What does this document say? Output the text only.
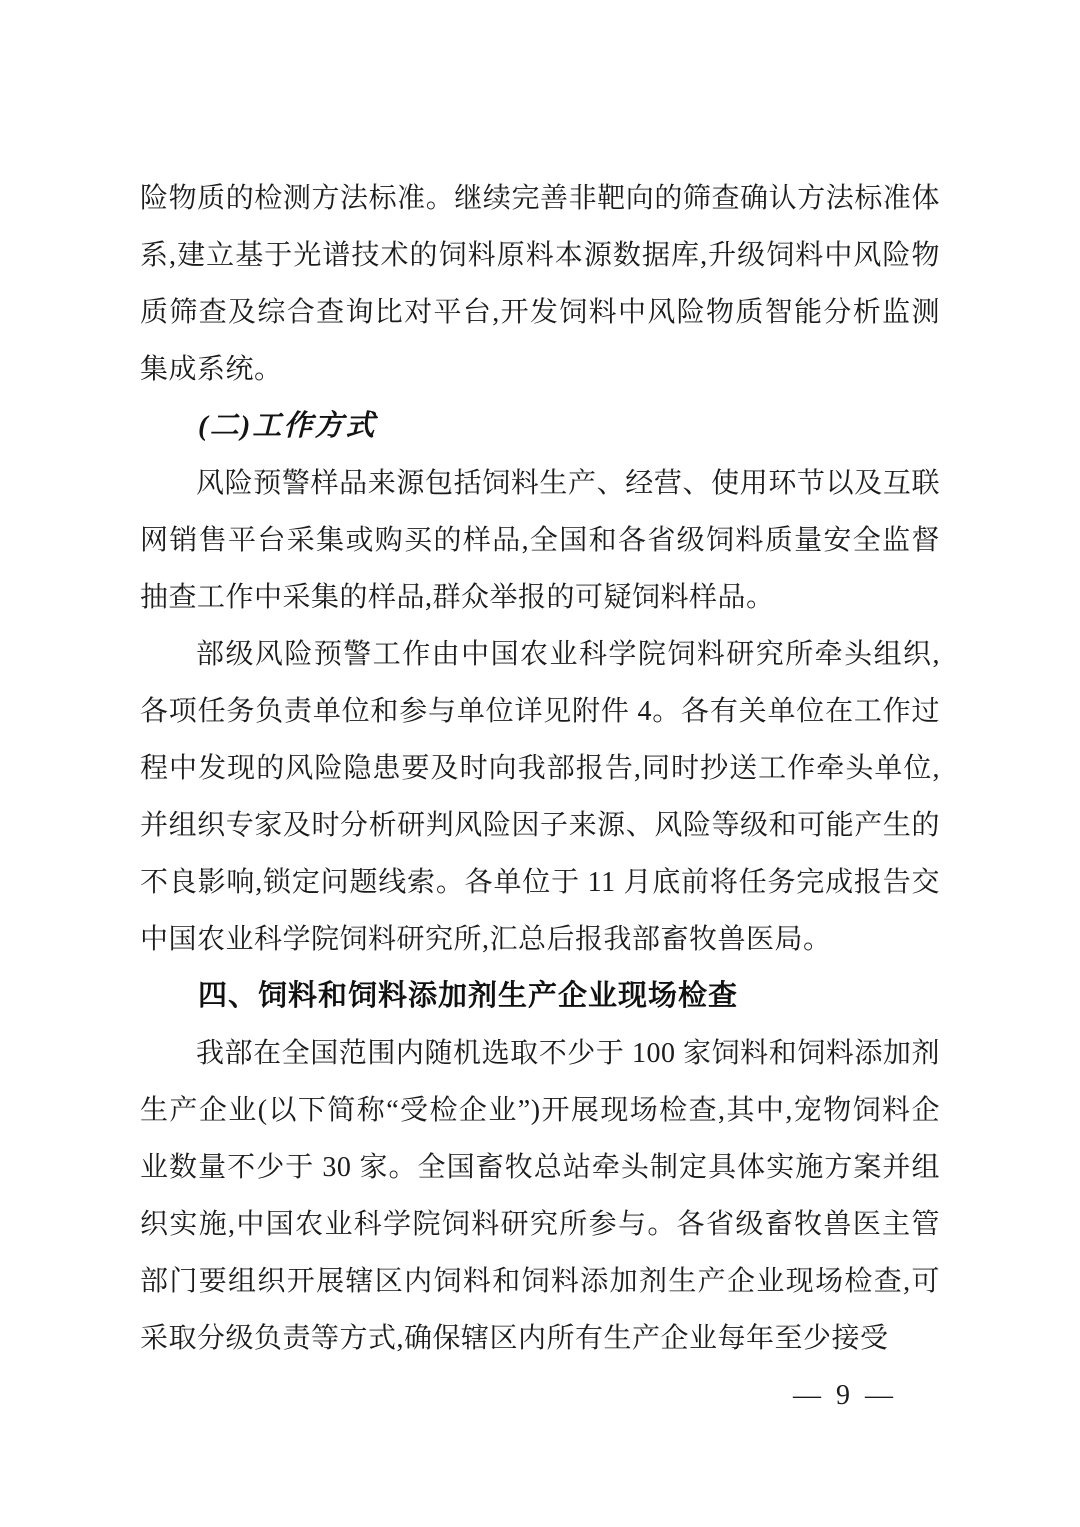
险物质的检测方法标准。继续完善非靶向的筛查确认方法标准体系,建立基于光谱技术的饲料原料本源数据库,升级饲料中风险物质筛查及综合查询比对平台,开发饲料中风险物质智能分析监测集成系统。

(二)工作方式

风险预警样品来源包括饲料生产、经营、使用环节以及互联网销售平台采集或购买的样品,全国和各省级饲料质量安全监督抽查工作中采集的样品,群众举报的可疑饲料样品。

部级风险预警工作由中国农业科学院饲料研究所牵头组织,各项任务负责单位和参与单位详见附件 4。各有关单位在工作过程中发现的风险隐患要及时向我部报告,同时抄送工作牵头单位,并组织专家及时分析研判风险因子来源、风险等级和可能产生的不良影响,锁定问题线索。各单位于 11 月底前将任务完成报告交中国农业科学院饲料研究所,汇总后报我部畜牧兽医局。

四、饲料和饲料添加剂生产企业现场检查

我部在全国范围内随机选取不少于 100 家饲料和饲料添加剂生产企业(以下简称“受检企业”)开展现场检查,其中,宠物饲料企业数量不少于 30 家。全国畜牧总站牵头制定具体实施方案并组织实施,中国农业科学院饲料研究所参与。各省级畜牧兽医主管部门要组织开展辖区内饲料和饲料添加剂生产企业现场检查,可采取分级负责等方式,确保辖区内所有生产企业每年至少接受

— 9 —
